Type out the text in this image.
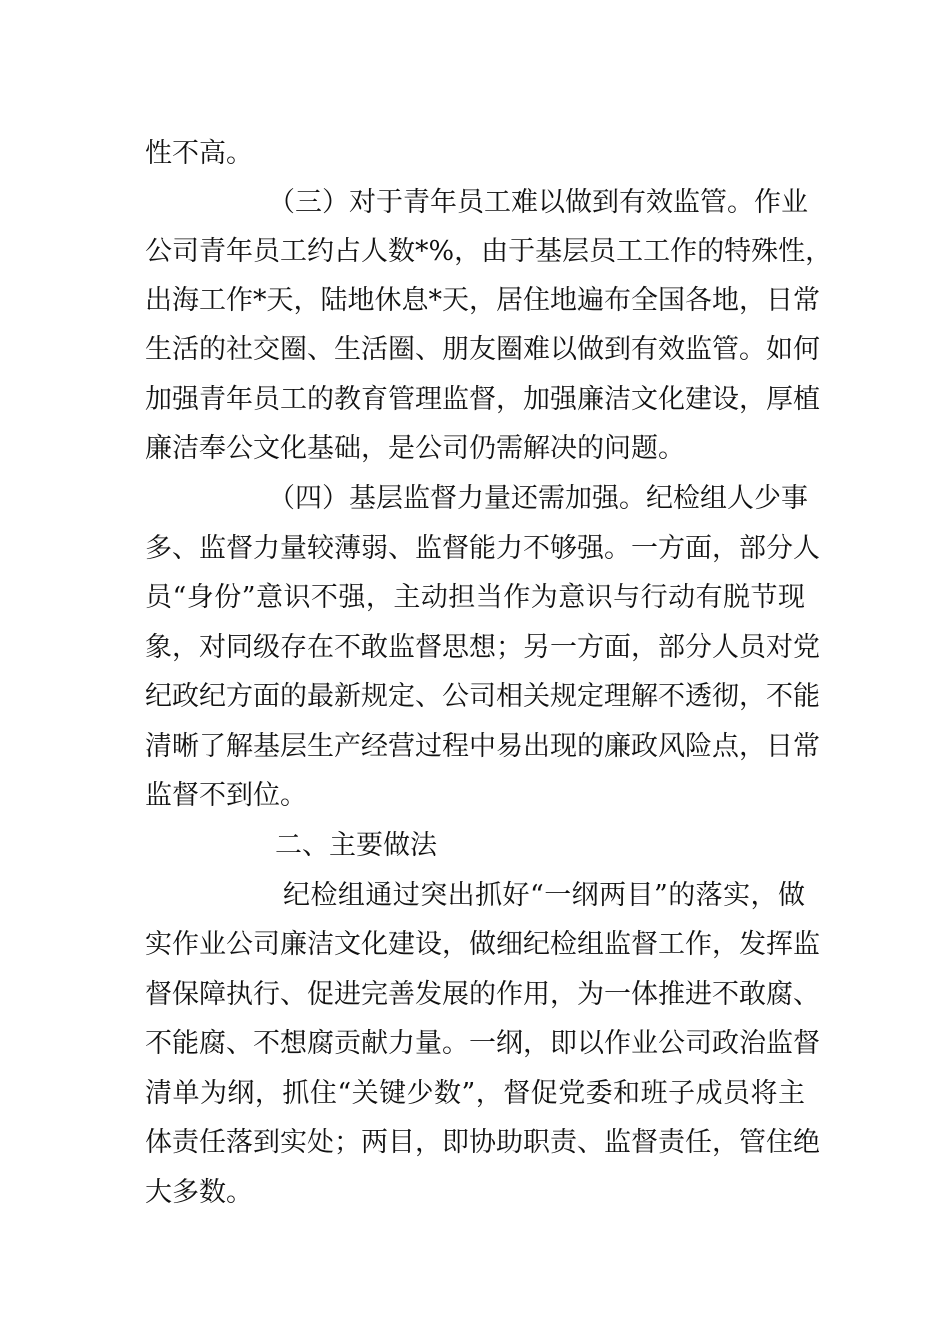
性不高。
（三）对于青年员工难以做到有效监管。作业
公司青年员工约占人数*%，由于基层员工工作的特殊性，
出海工作*天，陆地休息*天，居住地遍布全国各地，日常
生活的社交圈、生活圈、朋友圈难以做到有效监管。如何
加强青年员工的教育管理监督，加强廉洁文化建设，厚植
廉洁奉公文化基础，是公司仍需解决的问题。
（四）基层监督力量还需加强。纪检组人少事
多、监督力量较薄弱、监督能力不够强。一方面，部分人
员“身份”意识不强，主动担当作为意识与行动有脱节现
象，对同级存在不敢监督思想；另一方面，部分人员对党
纪政纪方面的最新规定、公司相关规定理解不透彻，不能
清晰了解基层生产经营过程中易出现的廉政风险点，日常
监督不到位。
二、主要做法
纪检组通过突出抓好“一纲两目”的落实，做
实作业公司廉洁文化建设，做细纪检组监督工作，发挥监
督保障执行、促进完善发展的作用，为一体推进不敢腐、
不能腐、不想腐贡献力量。一纲，即以作业公司政治监督
清单为纲，抓住“关键少数”，督促党委和班子成员将主
体责任落到实处；两目，即协助职责、监督责任，管住绝
大多数。
